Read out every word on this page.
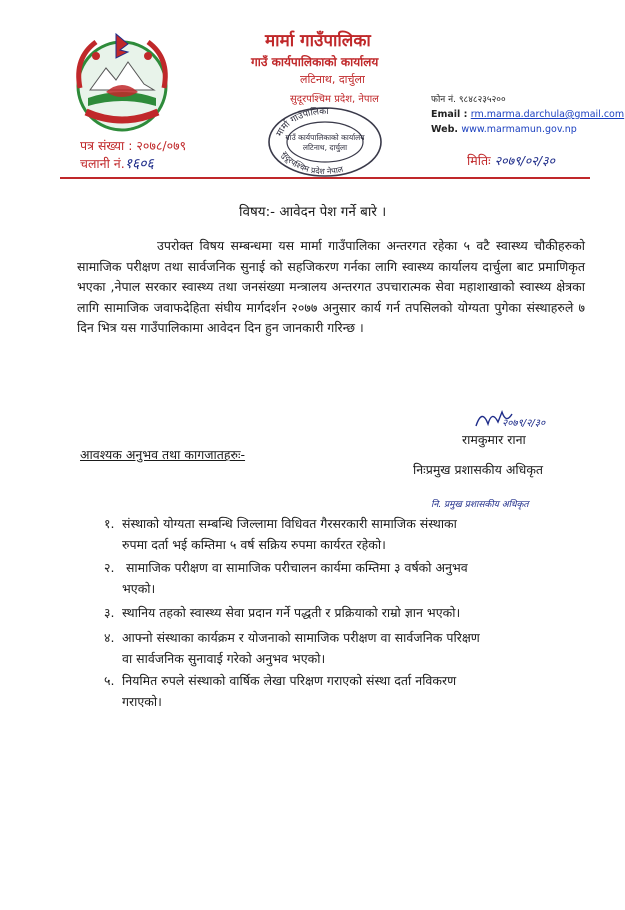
मार्मा गाउँपालिका
गाउँ कार्यपालिकाको कार्यालय
लटिनाथ, दार्चुला
सुदूरपश्चिम प्रदेश, नेपाल
मार्मा गाउँपालिका
गाउँ कार्यपालिकाको कार्यालय
लटिनाथ, दार्चुला
सुदूरपश्चिम प्रदेश नेपाल
फोन नं. ९८४८२३५२००
Email : rm.marma.darchula@gmail.com
Web. www.marmamun.gov.np
पत्र संख्या : २०७८/०७९
चलानी नं.१६०६	मितिः २०७९/०२/३०
विषय:- आवेदन पेश गर्ने बारे ।
उपरोक्त विषय सम्बन्धमा यस मार्मा गाउँपालिका अन्तरगत रहेका ५ वटै स्वास्थ्य चौकीहरुको सामाजिक परीक्षण तथा सार्वजनिक सुनाई को सहजिकरण गर्नका लागि स्वास्थ्य कार्यालय दार्चुला बाट प्रमाणिकृत भएका ,नेपाल सरकार स्वास्थ्य तथा जनसंख्या मन्त्रालय अन्तरगत उपचारात्मक सेवा महाशाखाको स्वास्थ्य क्षेत्रका लागि सामाजिक जवाफदेहिता संघीय मार्गदर्शन २०७७ अनुसार कार्य गर्न तपसिलको योग्यता पुगेका संस्थाहरुले ७ दिन भित्र यस गाउँपालिकामा आवेदन दिन हुन जानकारी गरिन्छ ।
२०७९/२/३०
रामकुमार राना
निःप्रमुख प्रशासकीय अधिकृत
नि. प्रमुख प्रशासकीय अधिकृत
आवश्यक अनुभव तथा कागजातहरुः-
१. संस्थाको योग्यता सम्बन्धि जिल्लामा विधिवत गैरसरकारी सामाजिक संस्थाका
रुपमा दर्ता भई कम्तिमा ५ वर्ष सक्रिय रुपमा कार्यरत रहेको।
२. सामाजिक परीक्षण वा सामाजिक परीचालन कार्यमा कम्तिमा ३ वर्षको अनुभव
भएको।
३. स्थानिय तहको स्वास्थ्य सेवा प्रदान गर्ने पद्धती र प्रक्रियाको राम्रो ज्ञान भएको।
४. आफ्नो संस्थाका कार्यक्रम र योजनाको सामाजिक परीक्षण वा सार्वजनिक परिक्षण
वा सार्वजनिक सुनावाई गरेको अनुभव भएको।
५. नियमित रुपले संस्थाको वार्षिक लेखा परिक्षण गराएको संस्था दर्ता नविकरण
गराएको।
